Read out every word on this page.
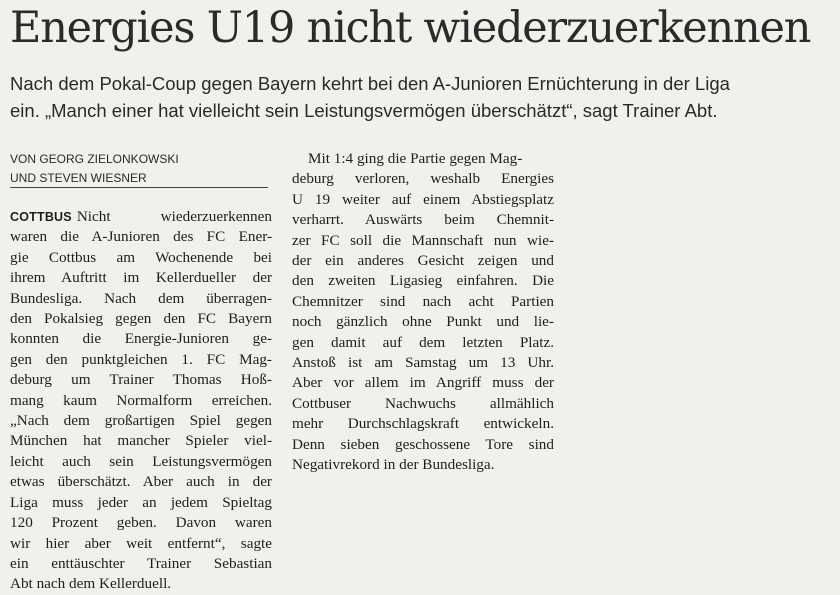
Energies U19 nicht wiederzuerkennen
Nach dem Pokal-Coup gegen Bayern kehrt bei den A-Junioren Ernüchterung in der Liga
ein. „Manch einer hat vielleicht sein Leistungsvermögen überschätzt“, sagt Trainer Abt.
VON GEORG ZIELONKOWSKI
UND STEVEN WIESNER
COTTBUS Nicht wiederzuerkennen
waren die A-Junioren des FC Ener-
gie Cottbus am Wochenende bei
ihrem Auftritt im Kellerdueller der
Bundesliga. Nach dem überragen-
den Pokalsieg gegen den FC Bayern
konnten die Energie-Junioren ge-
gen den punktgleichen 1. FC Mag-
deburg um Trainer Thomas Hoß-
mang kaum Normalform erreichen.
„Nach dem großartigen Spiel gegen
München hat mancher Spieler viel-
leicht auch sein Leistungsvermögen
etwas überschätzt. Aber auch in der
Liga muss jeder an jedem Spieltag
120 Prozent geben. Davon waren
wir hier aber weit entfernt“, sagte
ein enttäuschter Trainer Sebastian
Abt nach dem Kellerduell.
Mit 1:4 ging die Partie gegen Mag-
deburg verloren, weshalb Energies
U 19 weiter auf einem Abstiegsplatz
verharrt. Auswärts beim Chemnit-
zer FC soll die Mannschaft nun wie-
der ein anderes Gesicht zeigen und
den zweiten Ligasieg einfahren. Die
Chemnitzer sind nach acht Partien
noch gänzlich ohne Punkt und lie-
gen damit auf dem letzten Platz.
Anstoß ist am Samstag um 13 Uhr.
Aber vor allem im Angriff muss der
Cottbuser Nachwuchs allmählich
mehr Durchschlagskraft entwickeln.
Denn sieben geschossene Tore sind
Negativrekord in der Bundesliga.
